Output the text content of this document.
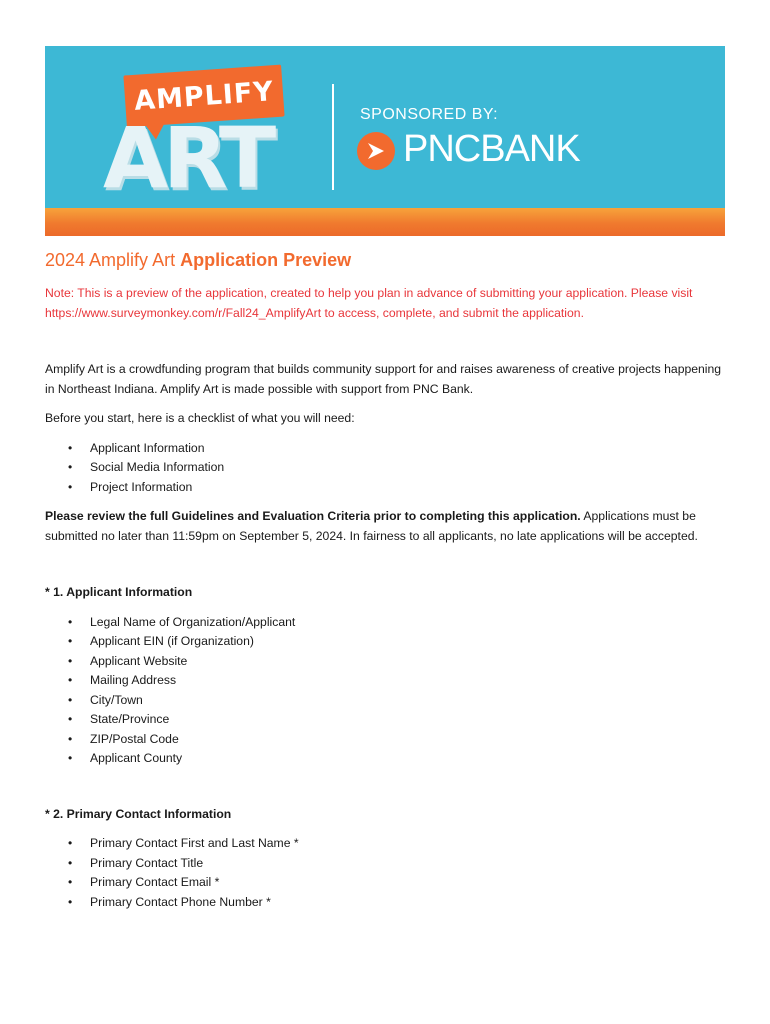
AMPLIFY
ART	SPONSORED BY:
PNCBANK
2024 Amplify Art Application Preview

Note: This is a preview of the application, created to help you plan in advance of submitting your application. Please visit https://www.surveymonkey.com/r/Fall24_AmplifyArt to access, complete, and submit the application.

Amplify Art is a crowdfunding program that builds community support for and raises awareness of creative projects happening in Northeast Indiana. Amplify Art is made possible with support from PNC Bank.

Before you start, here is a checklist of what you will need:

• Applicant Information
• Social Media Information
• Project Information

Please review the full Guidelines and Evaluation Criteria prior to completing this application. Applications must be submitted no later than 11:59pm on September 5, 2024. In fairness to all applicants, no late applications will be accepted.

* 1. Applicant Information

• Legal Name of Organization/Applicant
• Applicant EIN (if Organization)
• Applicant Website
• Mailing Address
• City/Town
• State/Province
• ZIP/Postal Code
• Applicant County

* 2. Primary Contact Information

• Primary Contact First and Last Name *
• Primary Contact Title
• Primary Contact Email *
• Primary Contact Phone Number *
